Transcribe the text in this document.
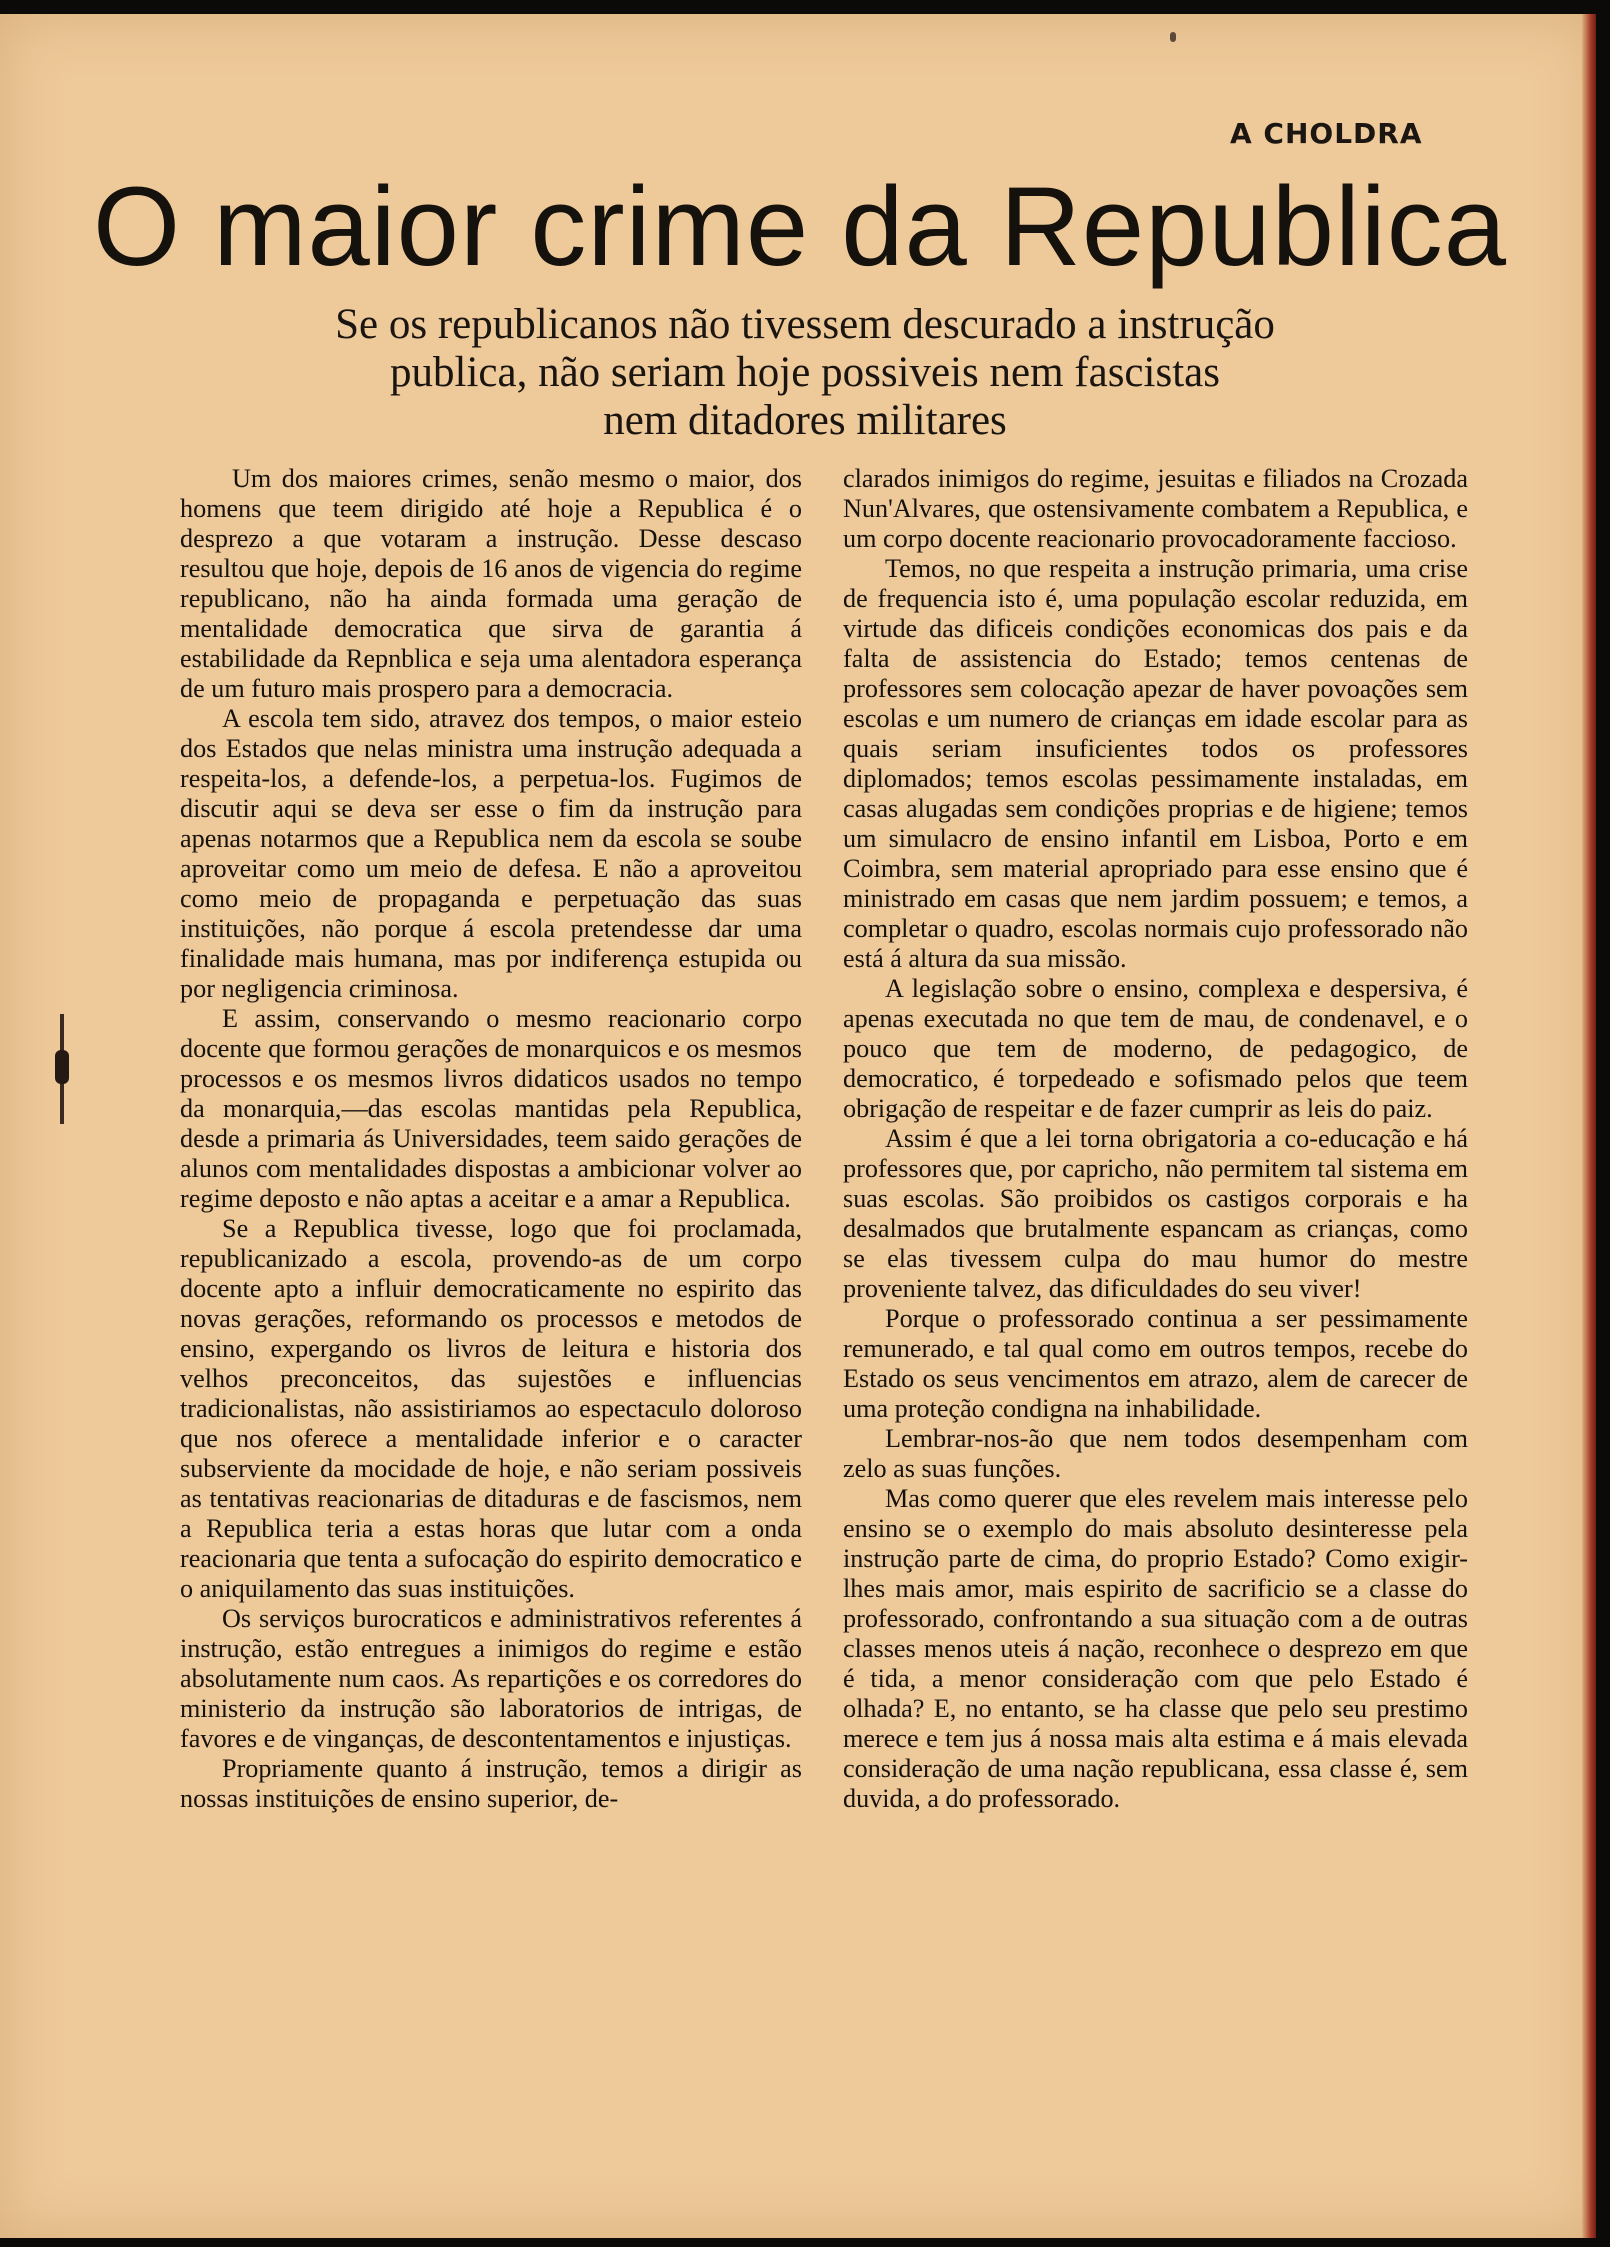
A CHOLDRA
O maior crime da Republica
Se os republicanos não tivessem descurado a instrução
publica, não seriam hoje possiveis nem fascistas
nem ditadores militares

Um dos maiores crimes, senão mesmo o maior, dos homens que teem dirigido até hoje a Republica é o desprezo a que votaram a instrução. Desse descaso resultou que hoje, depois de 16 anos de vigencia do regime republicano, não ha ainda formada uma geração de mentalidade democratica que sirva de garantia á estabilidade da Repnblica e seja uma alentadora esperança de um futuro mais prospero para a democracia.

A escola tem sido, atravez dos tempos, o maior esteio dos Estados que nelas ministra uma instrução adequada a respeita-los, a defende-los, a perpetua-los. Fugimos de discutir aqui se deva ser esse o fim da instrução para apenas notarmos que a Republica nem da escola se soube aproveitar como um meio de defesa. E não a aproveitou como meio de propaganda e perpetuação das suas instituições, não porque á escola pretendesse dar uma finalidade mais humana, mas por indiferença estupida ou por negligencia criminosa.

E assim, conservando o mesmo reacionario corpo docente que formou gerações de monarquicos e os mesmos processos e os mesmos livros didaticos usados no tempo da monarquia,—das escolas mantidas pela Republica, desde a primaria ás Universidades, teem saido gerações de alunos com mentalidades dispostas a ambicionar volver ao regime deposto e não aptas a aceitar e a amar a Republica.

Se a Republica tivesse, logo que foi proclamada, republicanizado a escola, provendo-as de um corpo docente apto a influir democraticamente no espirito das novas gerações, reformando os processos e metodos de ensino, expergando os livros de leitura e historia dos velhos preconceitos, das sujestões e influencias tradicionalistas, não assistiriamos ao espectaculo doloroso que nos oferece a mentalidade inferior e o caracter subserviente da mocidade de hoje, e não seriam possiveis as tentativas reacionarias de ditaduras e de fascismos, nem a Republica teria a estas horas que lutar com a onda reacionaria que tenta a sufocação do espirito democratico e o aniquilamento das suas instituições.

Os serviços burocraticos e administrativos referentes á instrução, estão entregues a inimigos do regime e estão absolutamente num caos. As repartições e os corredores do ministerio da instrução são laboratorios de intrigas, de favores e de vinganças, de descontentamentos e injustiças.

Propriamente quanto á instrução, temos a dirigir as nossas instituições de ensino superior, de-

clarados inimigos do regime, jesuitas e filiados na Crozada Nun'Alvares, que ostensivamente combatem a Republica, e um corpo docente reacionario provocadoramente faccioso.

Temos, no que respeita a instrução primaria, uma crise de frequencia isto é, uma população escolar reduzida, em virtude das dificeis condições economicas dos pais e da falta de assistencia do Estado; temos centenas de professores sem colocação apezar de haver povoações sem escolas e um numero de crianças em idade escolar para as quais seriam insuficientes todos os professores diplomados; temos escolas pessimamente instaladas, em casas alugadas sem condições proprias e de higiene; temos um simulacro de ensino infantil em Lisboa, Porto e em Coimbra, sem material apropriado para esse ensino que é ministrado em casas que nem jardim possuem; e temos, a completar o quadro, escolas normais cujo professorado não está á altura da sua missão.

A legislação sobre o ensino, complexa e despersiva, é apenas executada no que tem de mau, de condenavel, e o pouco que tem de moderno, de pedagogico, de democratico, é torpedeado e sofismado pelos que teem obrigação de respeitar e de fazer cumprir as leis do paiz.

Assim é que a lei torna obrigatoria a co-educação e há professores que, por capricho, não permitem tal sistema em suas escolas. São proibidos os castigos corporais e ha desalmados que brutalmente espancam as crianças, como se elas tivessem culpa do mau humor do mestre proveniente talvez, das dificuldades do seu viver!

Porque o professorado continua a ser pessimamente remunerado, e tal qual como em outros tempos, recebe do Estado os seus vencimentos em atrazo, alem de carecer de uma proteção condigna na inhabilidade.

Lembrar-nos-ão que nem todos desempenham com zelo as suas funções.

Mas como querer que eles revelem mais interesse pelo ensino se o exemplo do mais absoluto desinteresse pela instrução parte de cima, do proprio Estado? Como exigir-lhes mais amor, mais espirito de sacrificio se a classe do professorado, confrontando a sua situação com a de outras classes menos uteis á nação, reconhece o desprezo em que é tida, a menor consideração com que pelo Estado é olhada? E, no entanto, se ha classe que pelo seu prestimo merece e tem jus á nossa mais alta estima e á mais elevada consideração de uma nação republicana, essa classe é, sem duvida, a do professorado.
